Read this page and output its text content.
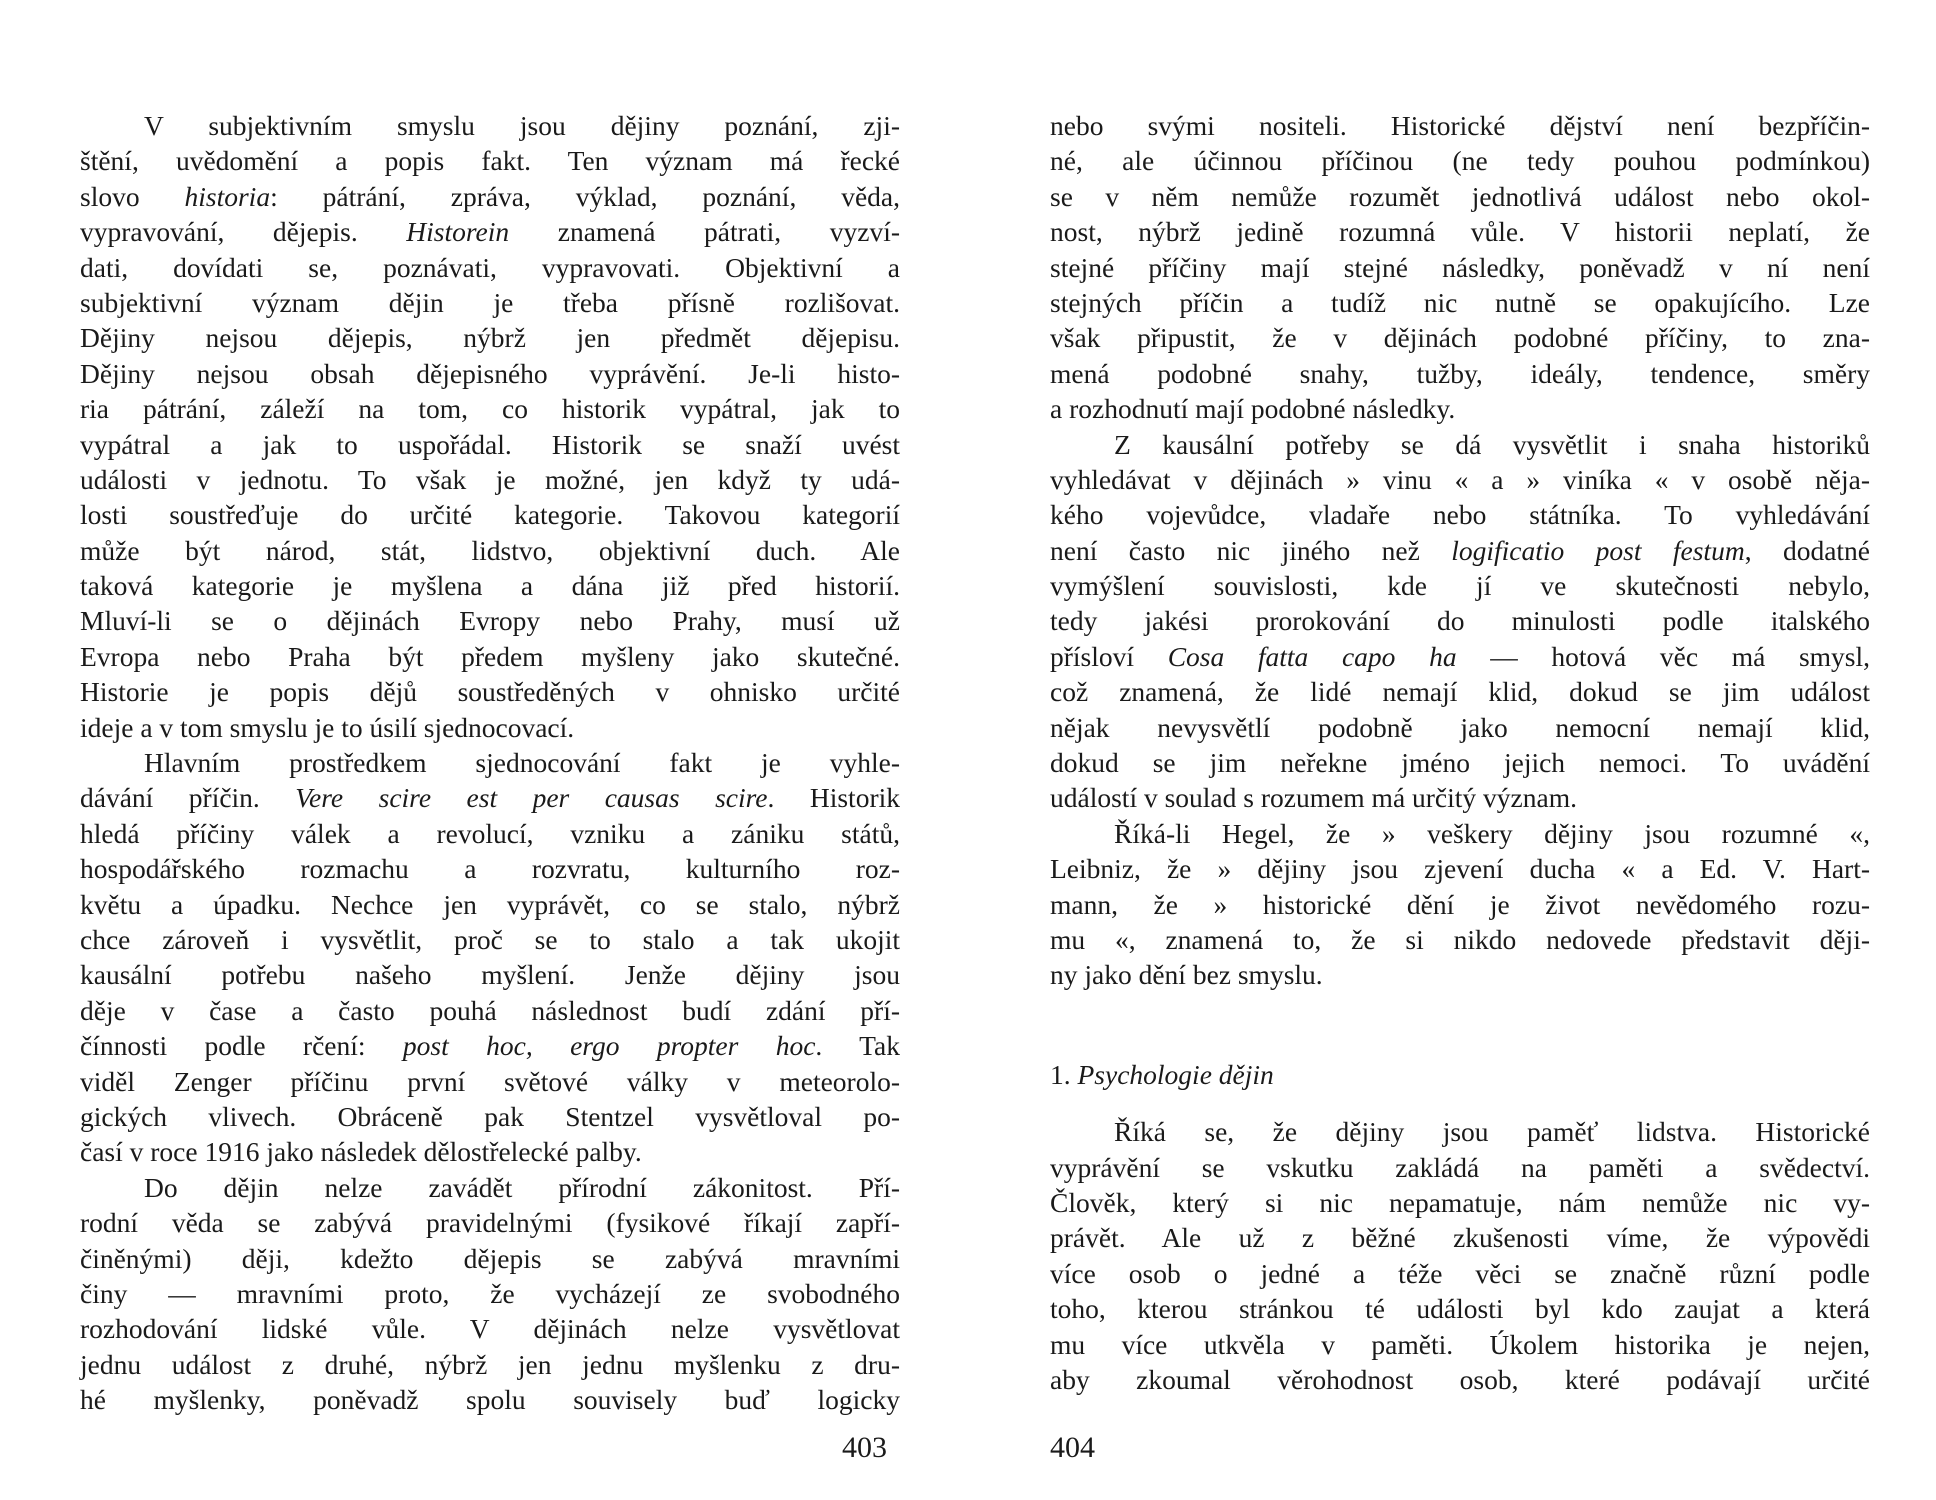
V subjektivním smyslu jsou dějiny poznání, zji-
štění, uvědomění a popis fakt. Ten význam má řecké
slovo historia: pátrání, zpráva, výklad, poznání, věda,
vypravování, dějepis. Historein znamená pátrati, vyzví-
dati, dovídati se, poznávati, vypravovati. Objektivní a
subjektivní význam dějin je třeba přísně rozlišovat.
Dějiny nejsou dějepis, nýbrž jen předmět dějepisu.
Dějiny nejsou obsah dějepisného vyprávění. Je-li histo-
ria pátrání, záleží na tom, co historik vypátral, jak to
vypátral a jak to uspořádal. Historik se snaží uvést
události v jednotu. To však je možné, jen když ty udá-
losti soustřeďuje do určité kategorie. Takovou kategorií
může být národ, stát, lidstvo, objektivní duch. Ale
taková kategorie je myšlena a dána již před historií.
Mluví-li se o dějinách Evropy nebo Prahy, musí už
Evropa nebo Praha být předem myšleny jako skutečné.
Historie je popis dějů soustředěných v ohnisko určité
ideje a v tom smyslu je to úsilí sjednocovací.
Hlavním prostředkem sjednocování fakt je vyhle-
dávání příčin. Vere scire est per causas scire. Historik
hledá příčiny válek a revolucí, vzniku a zániku států,
hospodářského rozmachu a rozvratu, kulturního roz-
květu a úpadku. Nechce jen vyprávět, co se stalo, nýbrž
chce zároveň i vysvětlit, proč se to stalo a tak ukojit
kausální potřebu našeho myšlení. Jenže dějiny jsou
děje v čase a často pouhá následnost budí zdání pří-
čínnosti podle rčení: post hoc, ergo propter hoc. Tak
viděl Zenger příčinu první světové války v meteorolo-
gických vlivech. Obráceně pak Stentzel vysvětloval po-
časí v roce 1916 jako následek dělostřelecké palby.
Do dějin nelze zavádět přírodní zákonitost. Pří-
rodní věda se zabývá pravidelnými (fysikové říkají zapří-
činěnými) ději, kdežto dějepis se zabývá mravními
činy — mravními proto, že vycházejí ze svobodného
rozhodování lidské vůle. V dějinách nelze vysvětlovat
jednu událost z druhé, nýbrž jen jednu myšlenku z dru-
hé myšlenky, poněvadž spolu souvisely buď logicky
403
nebo svými nositeli. Historické dějství není bezpříčin-
né, ale účinnou příčinou (ne tedy pouhou podmínkou)
se v něm nemůže rozumět jednotlivá událost nebo okol-
nost, nýbrž jedině rozumná vůle. V historii neplatí, že
stejné příčiny mají stejné následky, poněvadž v ní není
stejných příčin a tudíž nic nutně se opakujícího. Lze
však připustit, že v dějinách podobné příčiny, to zna-
mená podobné snahy, tužby, ideály, tendence, směry
a rozhodnutí mají podobné následky.
Z kausální potřeby se dá vysvětlit i snaha historiků
vyhledávat v dějinách » vinu « a » viníka « v osobě něja-
kého vojevůdce, vladaře nebo státníka. To vyhledávání
není často nic jiného než logificatio post festum, dodatné
vymýšlení souvislosti, kde jí ve skutečnosti nebylo,
tedy jakési prorokování do minulosti podle italského
přísloví Cosa fatta capo ha — hotová věc má smysl,
což znamená, že lidé nemají klid, dokud se jim událost
nějak nevysvětlí podobně jako nemocní nemají klid,
dokud se jim neřekne jméno jejich nemoci. To uvádění
událostí v soulad s rozumem má určitý význam.
Říká-li Hegel, že » veškery dějiny jsou rozumné «,
Leibniz, že » dějiny jsou zjevení ducha « a Ed. V. Hart-
mann, že » historické dění je život nevědomého rozu-
mu «, znamená to, že si nikdo nedovede představit ději-
ny jako dění bez smyslu.
1. Psychologie dějin
Říká se, že dějiny jsou paměť lidstva. Historické
vyprávění se vskutku zakládá na paměti a svědectví.
Člověk, který si nic nepamatuje, nám nemůže nic vy-
právět. Ale už z běžné zkušenosti víme, že výpovědi
více osob o jedné a téže věci se značně různí podle
toho, kterou stránkou té události byl kdo zaujat a která
mu více utkvěla v paměti. Úkolem historika je nejen,
aby zkoumal věrohodnost osob, které podávají určité
404
